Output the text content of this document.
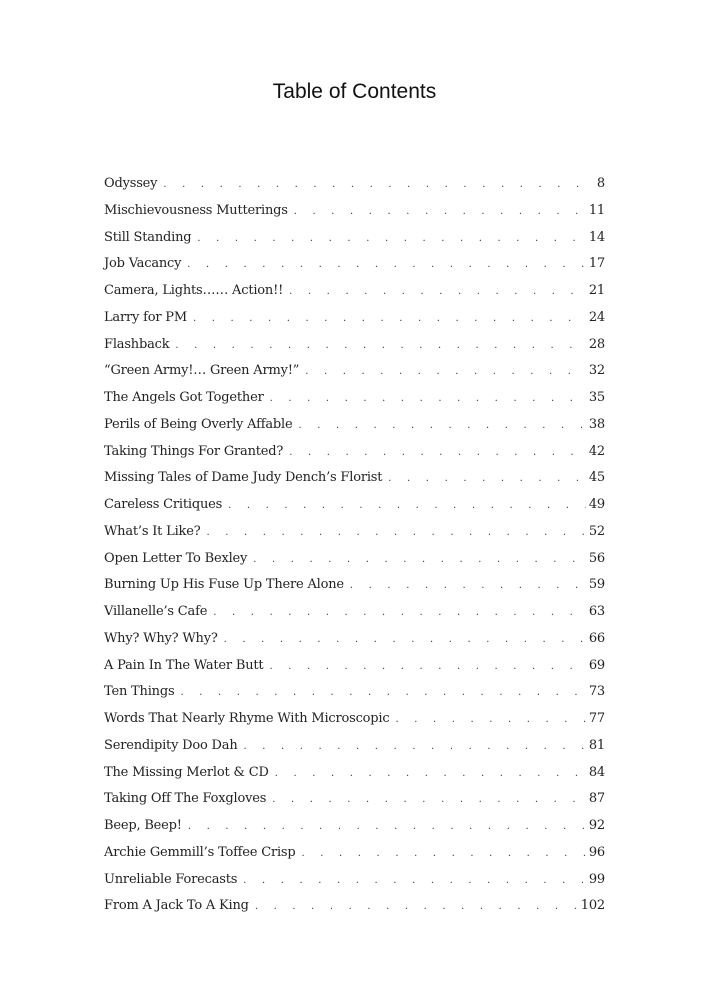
Table of Contents
Odyssey . . .	8
Mischievousness Mutterings . . .	11
Still Standing . . .	14
Job Vacancy . . .	17
Camera, Lights…… Action!! . . .	21
Larry for PM . . .	24
Flashback . . .	28
“Green Army!… Green Army!” . . .	32
The Angels Got Together . . .	35
Perils of Being Overly Affable . . .	38
Taking Things For Granted? . . .	42
Missing Tales of Dame Judy Dench’s Florist . . .	45
Careless Critiques . . .	49
What’s It Like? . . .	52
Open Letter To Bexley . . .	56
Burning Up His Fuse Up There Alone . . .	59
Villanelle’s Cafe . . .	63
Why? Why? Why? . . .	66
A Pain In The Water Butt . . .	69
Ten Things . . .	73
Words That Nearly Rhyme With Microscopic . . .	77
Serendipity Doo Dah . . .	81
The Missing Merlot & CD . . .	84
Taking Off The Foxgloves . . .	87
Beep, Beep! . . .	92
Archie Gemmill’s Toffee Crisp . . .	96
Unreliable Forecasts . . .	99
From A Jack To A King . . .	102
